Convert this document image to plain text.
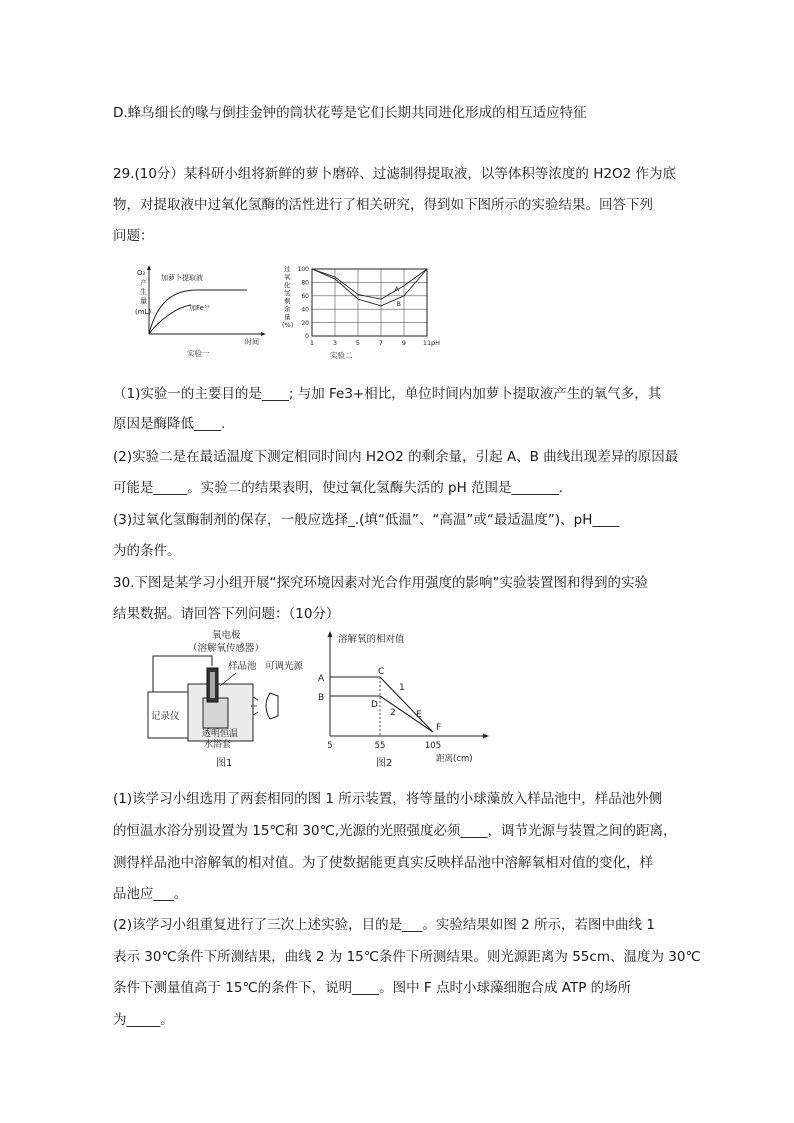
D.蜂鸟细长的喙与倒挂金钟的筒状花萼是它们长期共同进化形成的相互适应特征
29.(10分）某科研小组将新鲜的萝卜磨碎、过滤制得提取液，以等体积等浓度的 H2O2 作为底
物，对提取液中过氧化氢酶的活性进行了相关研究，得到如下图所示的实验结果。回答下列
问题：
（1)实验一的主要目的是____; 与加 Fe3+相比，单位时间内加萝卜提取液产生的氧气多，其
原因是酶降低____.
(2)实验二是在最适温度下测定相同时间内 H2O2 的剩余量，引起 A、B 曲线出现差异的原因最
可能是_____。实验二的结果表明，使过氧化氢酶失活的 pH 范围是_______.
(3)过氧化氢酶制剂的保存，一般应选择_.(填“低温”、“高温”或“最适温度”)、pH____
为的条件。
30.下图是某学习小组开展“探究环境因素对光合作用强度的影响”实验装置图和得到的实验
结果数据。请回答下列问题：（10分）
(1)该学习小组选用了两套相同的图 1 所示装置，将等量的小球藻放入样品池中，样品池外侧
的恒温水浴分别设置为 15℃和 30℃,光源的光照强度必须____，调节光源与装置之间的距离，
测得样品池中溶解氧的相对值。为了使数据能更真实反映样品池中溶解氧相对值的变化，样
品池应___。
(2)该学习小组重复进行了三次上述实验，目的是___。实验结果如图 2 所示，若图中曲线 1
表示 30℃条件下所测结果，曲线 2 为 15℃条件下所测结果。则光源距离为 55cm、温度为 30℃
条件下测量值高于 15℃的条件下，说明____。图中 F 点时小球藻细胞合成 ATP 的场所
为_____。
O₂
产
生
量
(mL)
加萝卜提取液
加Fe³⁺
时间
实验一
过
氧
化
氢
剩
余
量
(%)
0
20
40
60
80
100
1	3	5	7	9	11 pH
A
B
实验二
氧电极
（溶解氧传感器）
样品池 可调光源
记录仪
透明恒温
水浴套
图1
溶解氧的相对值
5	55	105
距离(cm)
A
B
C
D
E
F
1
2
图2
